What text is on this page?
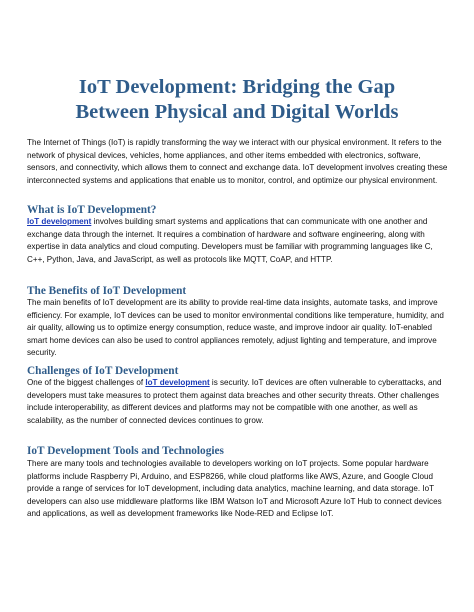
IoT Development: Bridging the Gap Between Physical and Digital Worlds

The Internet of Things (IoT) is rapidly transforming the way we interact with our physical environment. It refers to the network of physical devices, vehicles, home appliances, and other items embedded with electronics, software, sensors, and connectivity, which allows them to connect and exchange data. IoT development involves creating these interconnected systems and applications that enable us to monitor, control, and optimize our physical environment.

What is IoT Development?

IoT development involves building smart systems and applications that can communicate with one another and exchange data through the internet. It requires a combination of hardware and software engineering, along with expertise in data analytics and cloud computing. Developers must be familiar with programming languages like C, C++, Python, Java, and JavaScript, as well as protocols like MQTT, CoAP, and HTTP.

The Benefits of IoT Development

The main benefits of IoT development are its ability to provide real-time data insights, automate tasks, and improve efficiency. For example, IoT devices can be used to monitor environmental conditions like temperature, humidity, and air quality, allowing us to optimize energy consumption, reduce waste, and improve indoor air quality. IoT-enabled smart home devices can also be used to control appliances remotely, adjust lighting and temperature, and improve security.

Challenges of IoT Development

One of the biggest challenges of IoT development is security. IoT devices are often vulnerable to cyberattacks, and developers must take measures to protect them against data breaches and other security threats. Other challenges include interoperability, as different devices and platforms may not be compatible with one another, as well as scalability, as the number of connected devices continues to grow.

IoT Development Tools and Technologies

There are many tools and technologies available to developers working on IoT projects. Some popular hardware platforms include Raspberry Pi, Arduino, and ESP8266, while cloud platforms like AWS, Azure, and Google Cloud provide a range of services for IoT development, including data analytics, machine learning, and data storage. IoT developers can also use middleware platforms like IBM Watson IoT and Microsoft Azure IoT Hub to connect devices and applications, as well as development frameworks like Node-RED and Eclipse IoT.
